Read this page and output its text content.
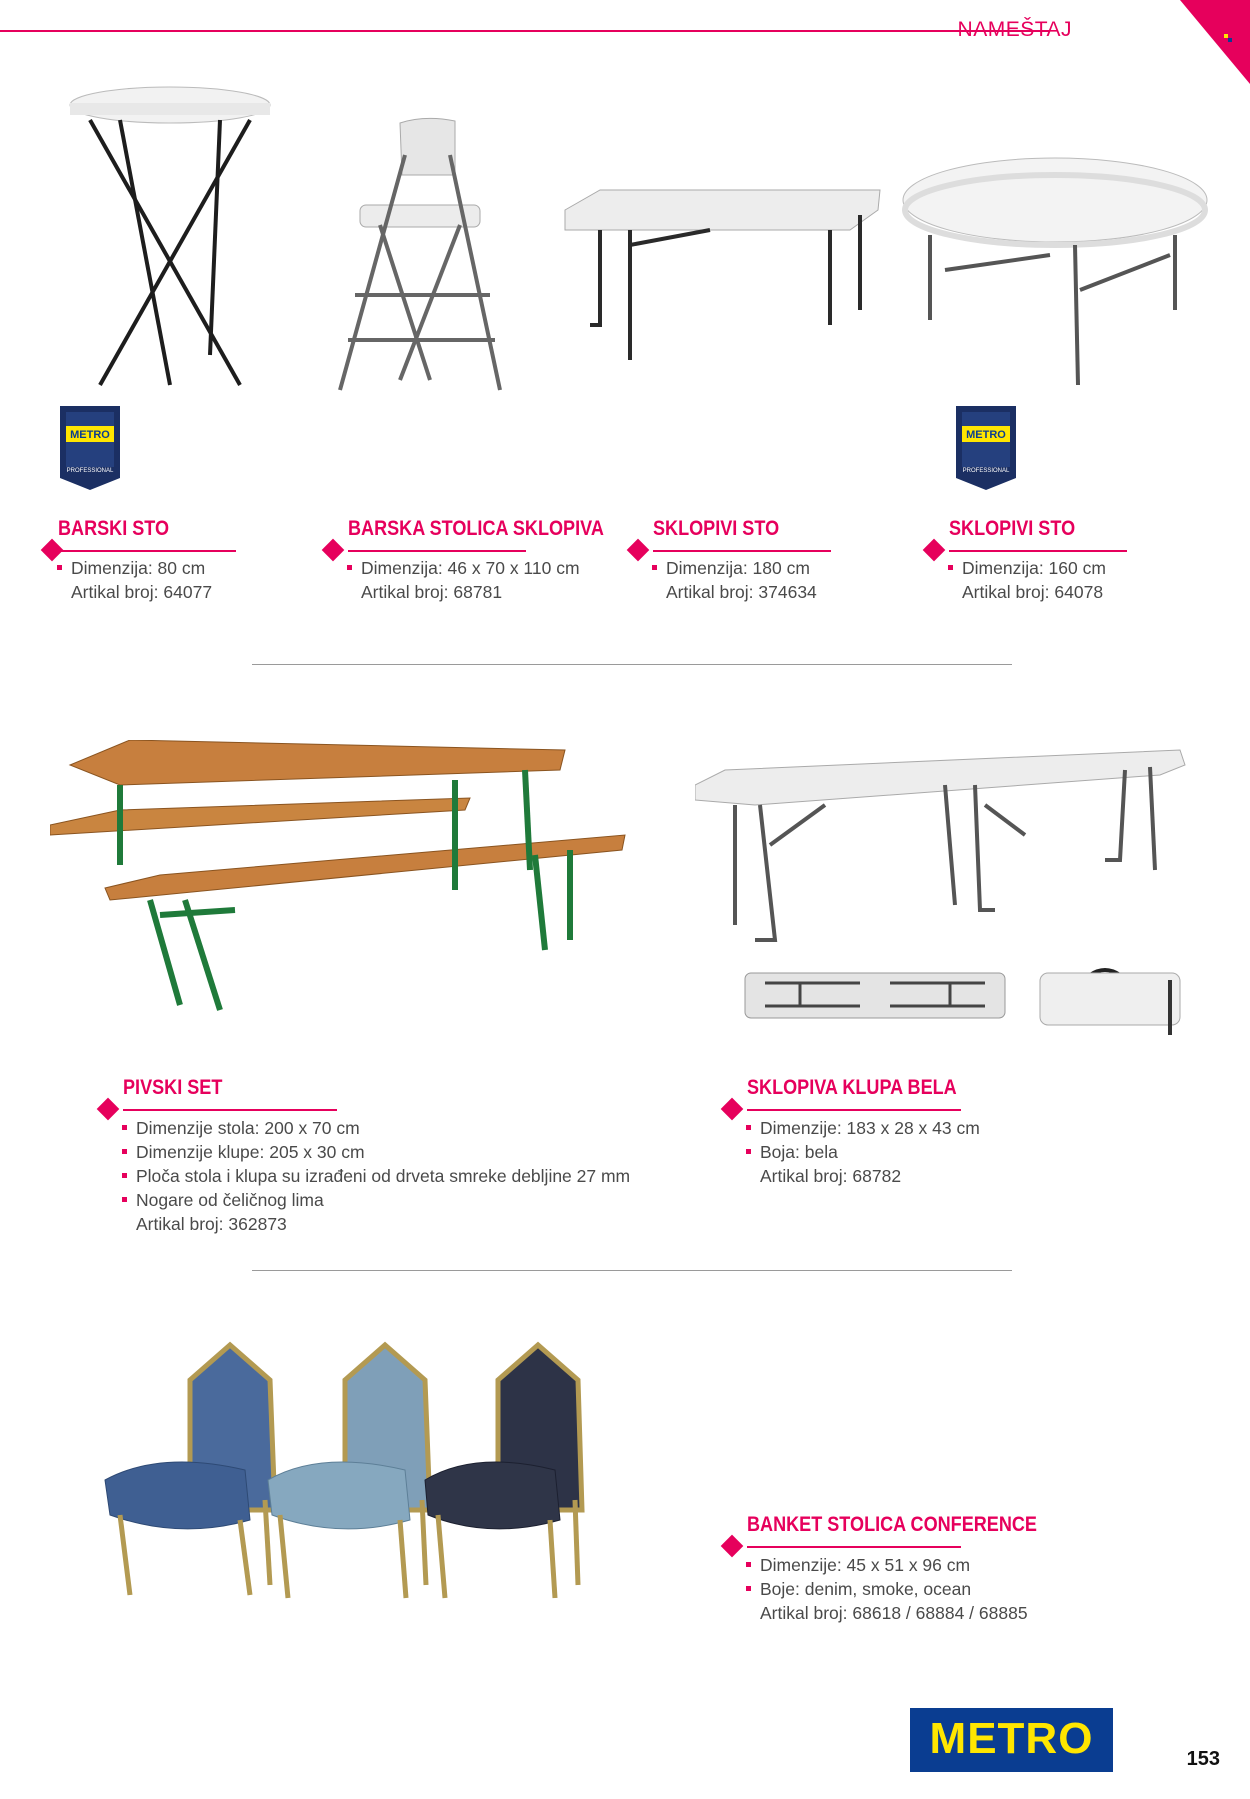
NAMEŠTAJ
METRO
PROFESSIONAL
METRO
PROFESSIONAL
BARSKI STO
Dimenzija: 80 cm
Artikal broj: 64077
BARSKA STOLICA SKLOPIVA
Dimenzija: 46 x 70 x 110 cm
Artikal broj: 68781
SKLOPIVI STO
Dimenzija: 180 cm
Artikal broj: 374634
SKLOPIVI STO
Dimenzija: 160 cm
Artikal broj: 64078
PIVSKI SET
Dimenzije stola: 200 x 70 cm
Dimenzije klupe: 205 x 30 cm
Ploča stola i klupa su izrađeni od drveta smreke debljine 27 mm
Nogare od čeličnog lima
Artikal broj: 362873
SKLOPIVA KLUPA BELA
Dimenzije: 183 x 28 x 43 cm
Boja: bela
Artikal broj: 68782
BANKET STOLICA CONFERENCE
Dimenzije: 45 x 51 x 96 cm
Boje: denim, smoke, ocean
Artikal broj: 68618 / 68884 / 68885
METRO	153
